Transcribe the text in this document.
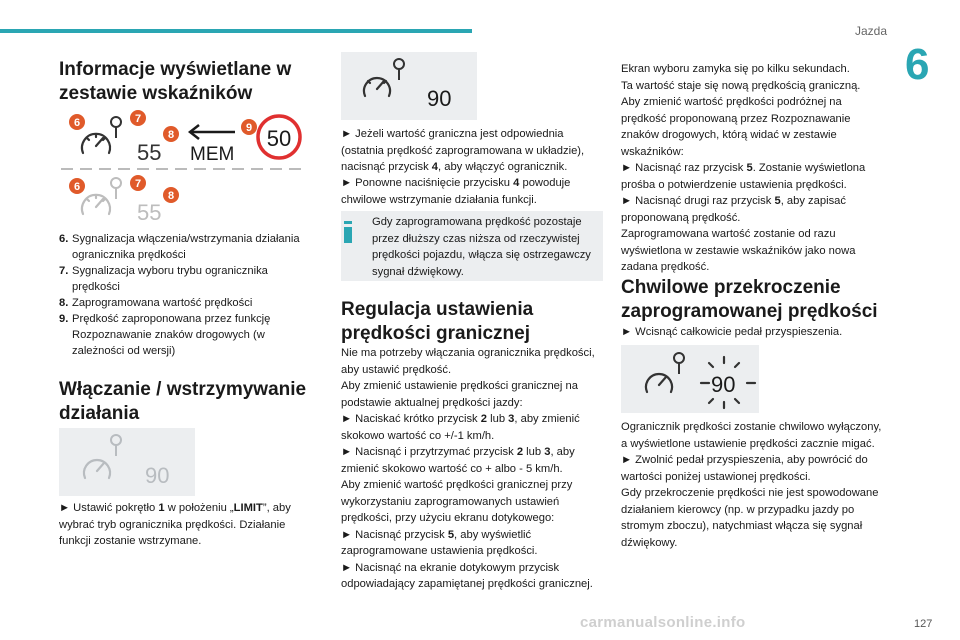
Jazda
6
127
carmanualsonline.info
Informacje wyświetlane w zestawie wskaźników
55 MEM
50
6	7
8
9
55
6	7
8
6. Sygnalizacja włączenia/wstrzymania działania ogranicznika prędkości
7. Sygnalizacja wyboru trybu ogranicznika prędkości
8. Zaprogramowana wartość prędkości
9. Prędkość zaproponowana przez funkcję Rozpoznawanie znaków drogowych (w zależności od wersji)
Włączanie / wstrzymywanie działania
90
► Ustawić pokrętło 1 w położeniu „LIMIT”, aby wybrać tryb ogranicznika prędkości. Działanie funkcji zostanie wstrzymane.
90
► Jeżeli wartość graniczna jest odpowiednia (ostatnia prędkość zaprogramowana w układzie), nacisnąć przycisk 4, aby włączyć ogranicznik.
► Ponowne naciśnięcie przycisku 4 powoduje chwilowe wstrzymanie działania funkcji.
Gdy zaprogramowana prędkość pozostaje przez dłuższy czas niższa od rzeczywistej prędkości pojazdu, włącza się ostrzegawczy sygnał dźwiękowy.
Regulacja ustawienia prędkości granicznej
Nie ma potrzeby włączania ogranicznika prędkości, aby ustawić prędkość.
Aby zmienić ustawienie prędkości granicznej na podstawie aktualnej prędkości jazdy:
► Naciskać krótko przycisk 2 lub 3, aby zmienić skokowo wartość co +/-1 km/h.
► Nacisnąć i przytrzymać przycisk 2 lub 3, aby zmienić skokowo wartość co + albo - 5 km/h.
Aby zmienić wartość prędkości granicznej przy wykorzystaniu zaprogramowanych ustawień prędkości, przy użyciu ekranu dotykowego:
► Nacisnąć przycisk 5, aby wyświetlić zaprogramowane ustawienia prędkości.
► Nacisnąć na ekranie dotykowym przycisk odpowiadający zapamiętanej prędkości granicznej.
Ekran wyboru zamyka się po kilku sekundach.
Ta wartość staje się nową prędkością graniczną.
Aby zmienić wartość prędkości podróżnej na prędkość proponowaną przez Rozpoznawanie znaków drogowych, którą widać w zestawie wskaźników:
► Nacisnąć raz przycisk 5. Zostanie wyświetlona prośba o potwierdzenie ustawienia prędkości.
► Nacisnąć drugi raz przycisk 5, aby zapisać proponowaną prędkość.
Zaprogramowana wartość zostanie od razu wyświetlona w zestawie wskaźników jako nowa zadana prędkość.
Chwilowe przekroczenie zaprogramowanej prędkości
► Wcisnąć całkowicie pedał przyspieszenia.
90
Ogranicznik prędkości zostanie chwilowo wyłączony, a wyświetlone ustawienie prędkości zacznie migać.
► Zwolnić pedał przyspieszenia, aby powrócić do wartości poniżej ustawionej prędkości.
Gdy przekroczenie prędkości nie jest spowodowane działaniem kierowcy (np. w przypadku jazdy po stromym zboczu), natychmiast włącza się sygnał dźwiękowy.
